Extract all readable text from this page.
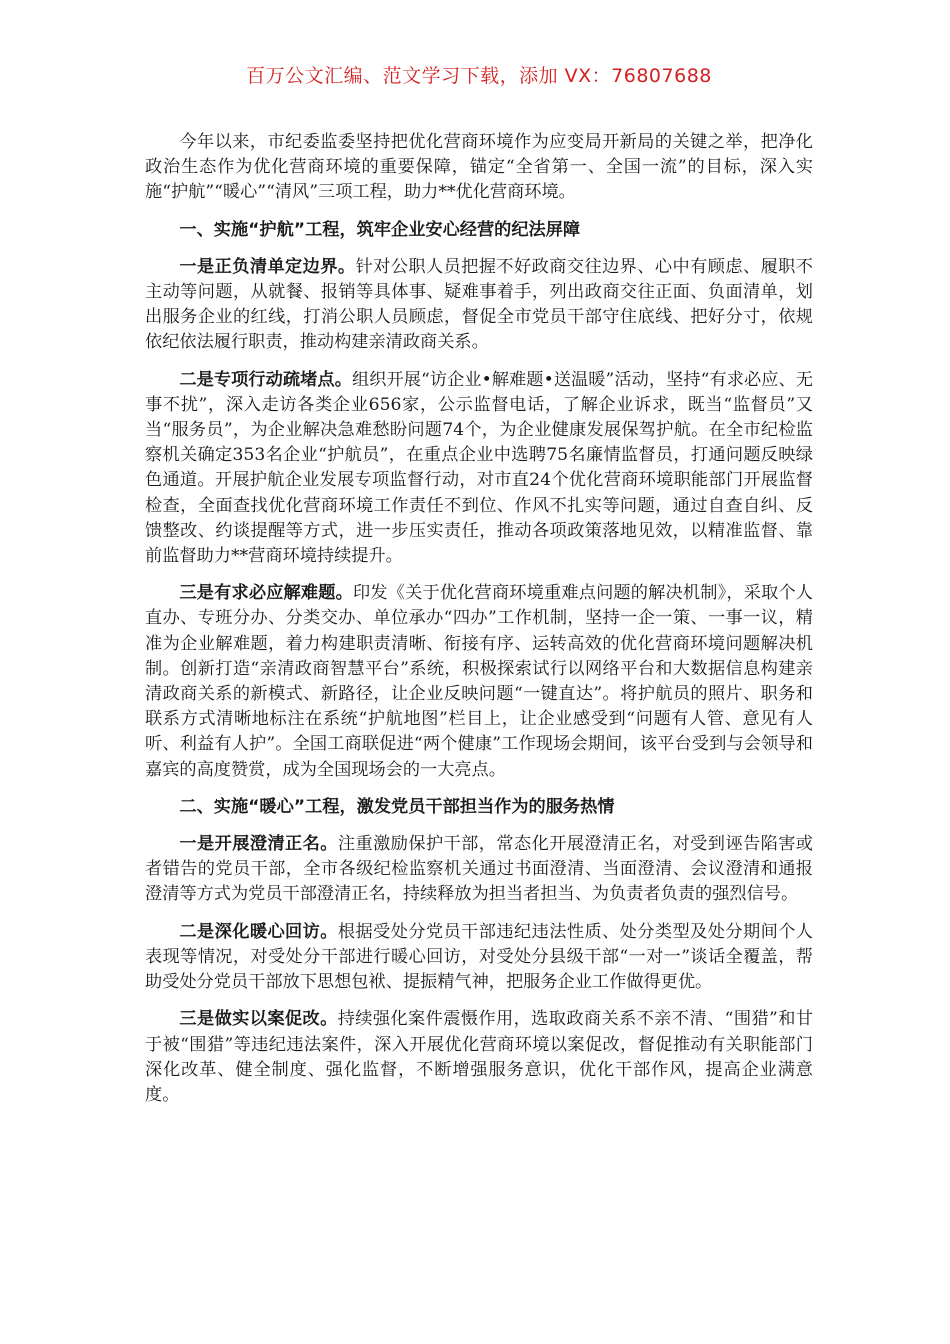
百万公文汇编、范文学习下载，添加 VX：76807688

今年以来，市纪委监委坚持把优化营商环境作为应变局开新局的关键之举，把净化政治生态作为优化营商环境的重要保障，锚定“全省第一、全国一流”的目标，深入实施“护航”“暖心”“清风”三项工程，助力**优化营商环境。

一、实施“护航”工程，筑牢企业安心经营的纪法屏障

一是正负清单定边界。针对公职人员把握不好政商交往边界、心中有顾虑、履职不主动等问题，从就餐、报销等具体事、疑难事着手，列出政商交往正面、负面清单，划出服务企业的红线，打消公职人员顾虑，督促全市党员干部守住底线、把好分寸，依规依纪依法履行职责，推动构建亲清政商关系。

二是专项行动疏堵点。组织开展“访企业•解难题•送温暖”活动，坚持“有求必应、无事不扰”，深入走访各类企业656家，公示监督电话，了解企业诉求，既当“监督员”又当“服务员”，为企业解决急难愁盼问题74个，为企业健康发展保驾护航。在全市纪检监察机关确定353名企业“护航员”，在重点企业中选聘75名廉情监督员，打通问题反映绿色通道。开展护航企业发展专项监督行动，对市直24个优化营商环境职能部门开展监督检查，全面查找优化营商环境工作责任不到位、作风不扎实等问题，通过自查自纠、反馈整改、约谈提醒等方式，进一步压实责任，推动各项政策落地见效，以精准监督、靠前监督助力**营商环境持续提升。

三是有求必应解难题。印发《关于优化营商环境重难点问题的解决机制》，采取个人直办、专班分办、分类交办、单位承办“四办”工作机制，坚持一企一策、一事一议，精准为企业解难题，着力构建职责清晰、衔接有序、运转高效的优化营商环境问题解决机制。创新打造“亲清政商智慧平台”系统，积极探索试行以网络平台和大数据信息构建亲清政商关系的新模式、新路径，让企业反映问题“一键直达”。将护航员的照片、职务和联系方式清晰地标注在系统“护航地图”栏目上，让企业感受到“问题有人管、意见有人听、利益有人护”。全国工商联促进“两个健康”工作现场会期间，该平台受到与会领导和嘉宾的高度赞赏，成为全国现场会的一大亮点。

二、实施“暖心”工程，激发党员干部担当作为的服务热情

一是开展澄清正名。注重激励保护干部，常态化开展澄清正名，对受到诬告陷害或者错告的党员干部，全市各级纪检监察机关通过书面澄清、当面澄清、会议澄清和通报澄清等方式为党员干部澄清正名，持续释放为担当者担当、为负责者负责的强烈信号。

二是深化暖心回访。根据受处分党员干部违纪违法性质、处分类型及处分期间个人表现等情况，对受处分干部进行暖心回访，对受处分县级干部“一对一”谈话全覆盖，帮助受处分党员干部放下思想包袱、提振精气神，把服务企业工作做得更优。

三是做实以案促改。持续强化案件震慑作用，选取政商关系不亲不清、“围猎”和甘于被“围猎”等违纪违法案件，深入开展优化营商环境以案促改，督促推动有关职能部门深化改革、健全制度、强化监督，不断增强服务意识，优化干部作风，提高企业满意度。
